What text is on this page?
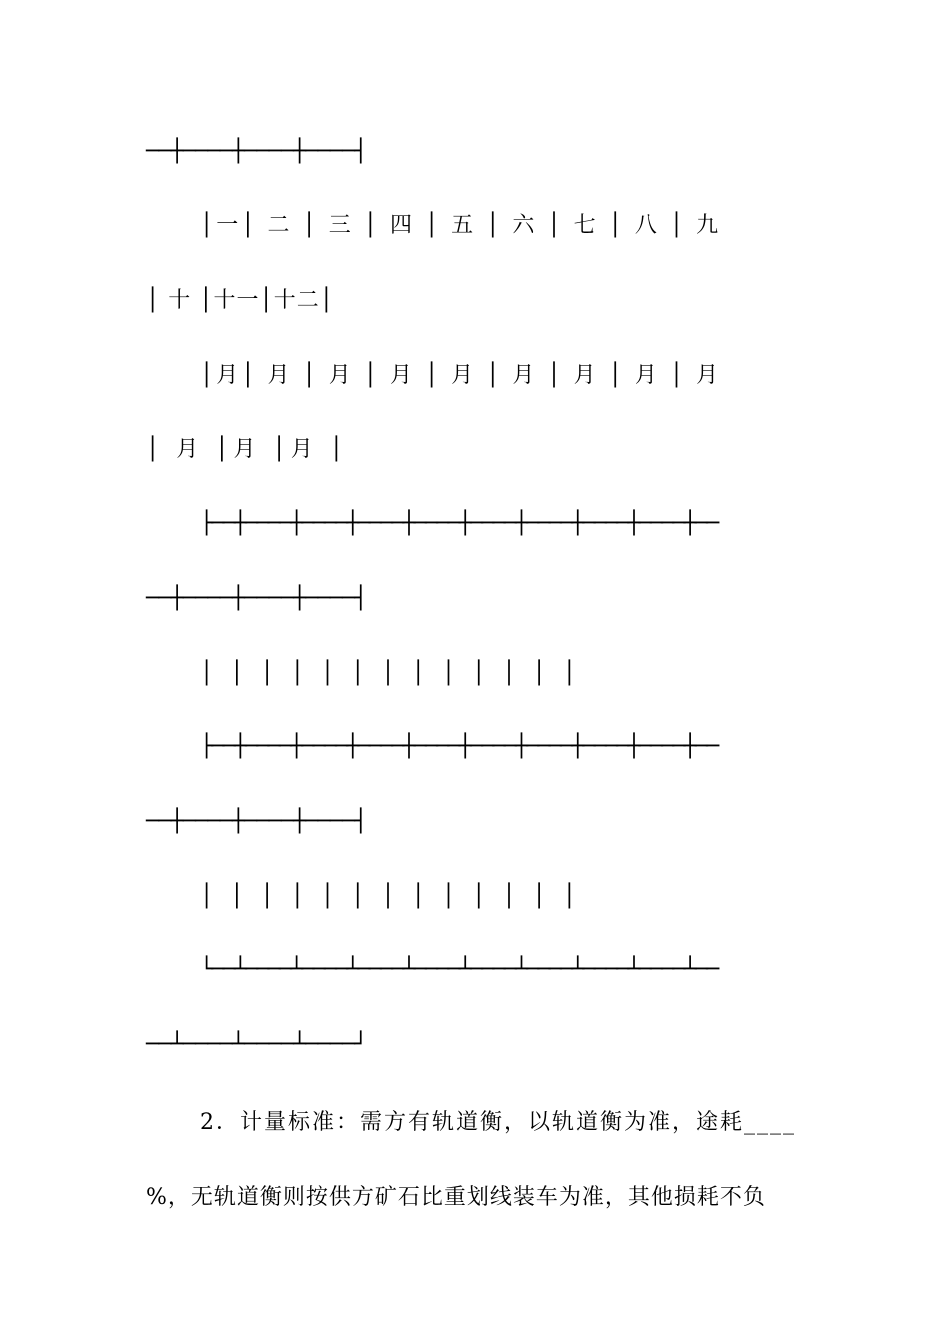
──┼────┼────┼────┤
│一│ 二 │ 三 │ 四 │ 五 │ 六 │ 七 │ 八 │ 九
│ 十 │十一│十二│
│月│ 月 │ 月 │ 月 │ 月 │ 月 │ 月 │ 月 │ 月
│ 月 │月 │月 │
├──┼────┼────┼────┼────┼────┼────┼────┼────┼──
──┼────┼────┼────┤
│  │  │  │  │  │  │  │  │  │  │  │  │
├──┼────┼────┼────┼────┼────┼────┼────┼────┼──
──┼────┼────┼────┤
│  │  │  │  │  │  │  │  │  │  │  │  │
└──┴────┴────┴────┴────┴────┴────┴────┴────┴──
──┴────┴────┴────┘
2．计量标准：需方有轨道衡，以轨道衡为准，途耗____
%，无轨道衡则按供方矿石比重划线装车为准，其他损耗不负
